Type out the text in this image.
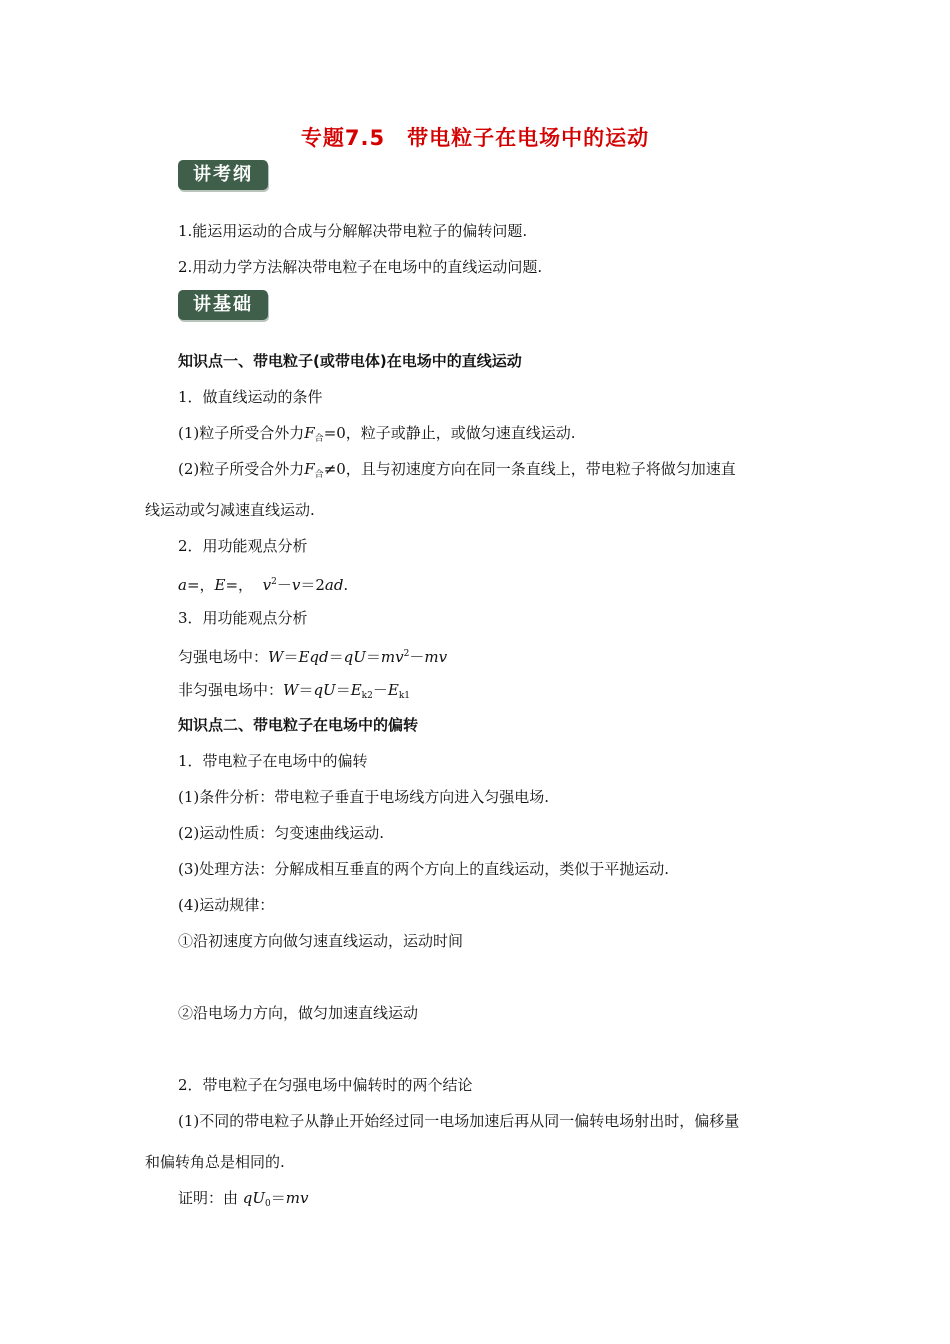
专题7.5　带电粒子在电场中的运动
讲考纲
1.能运用运动的合成与分解解决带电粒子的偏转问题.
2.用动力学方法解决带电粒子在电场中的直线运动问题.
讲基础
知识点一、带电粒子(或带电体)在电场中的直线运动
1．做直线运动的条件
(1)粒子所受合外力$F_合=0$，粒子或静止，或做匀速直线运动.
(2)粒子所受合外力$F_合\ne 0$，且与初速度方向在同一条直线上，带电粒子将做匀加速直
线运动或匀减速直线运动.
2．用功能观点分析
a=，E=， $v^2-v=2ad$.
3．用功能观点分析
匀强电场中：$W=Eqd=qU=mv^2-mv$
非匀强电场中：$W=qU=E_{k2}-E_{k1}$
知识点二、带电粒子在电场中的偏转
1．带电粒子在电场中的偏转
(1)条件分析：带电粒子垂直于电场线方向进入匀强电场.
(2)运动性质：匀变速曲线运动.
(3)处理方法：分解成相互垂直的两个方向上的直线运动，类似于平抛运动.
(4)运动规律：
①沿初速度方向做匀速直线运动，运动时间
②沿电场力方向，做匀加速直线运动
2．带电粒子在匀强电场中偏转时的两个结论
(1)不同的带电粒子从静止开始经过同一电场加速后再从同一偏转电场射出时，偏移量
和偏转角总是相同的.
证明：由 $qU_0=mv$
